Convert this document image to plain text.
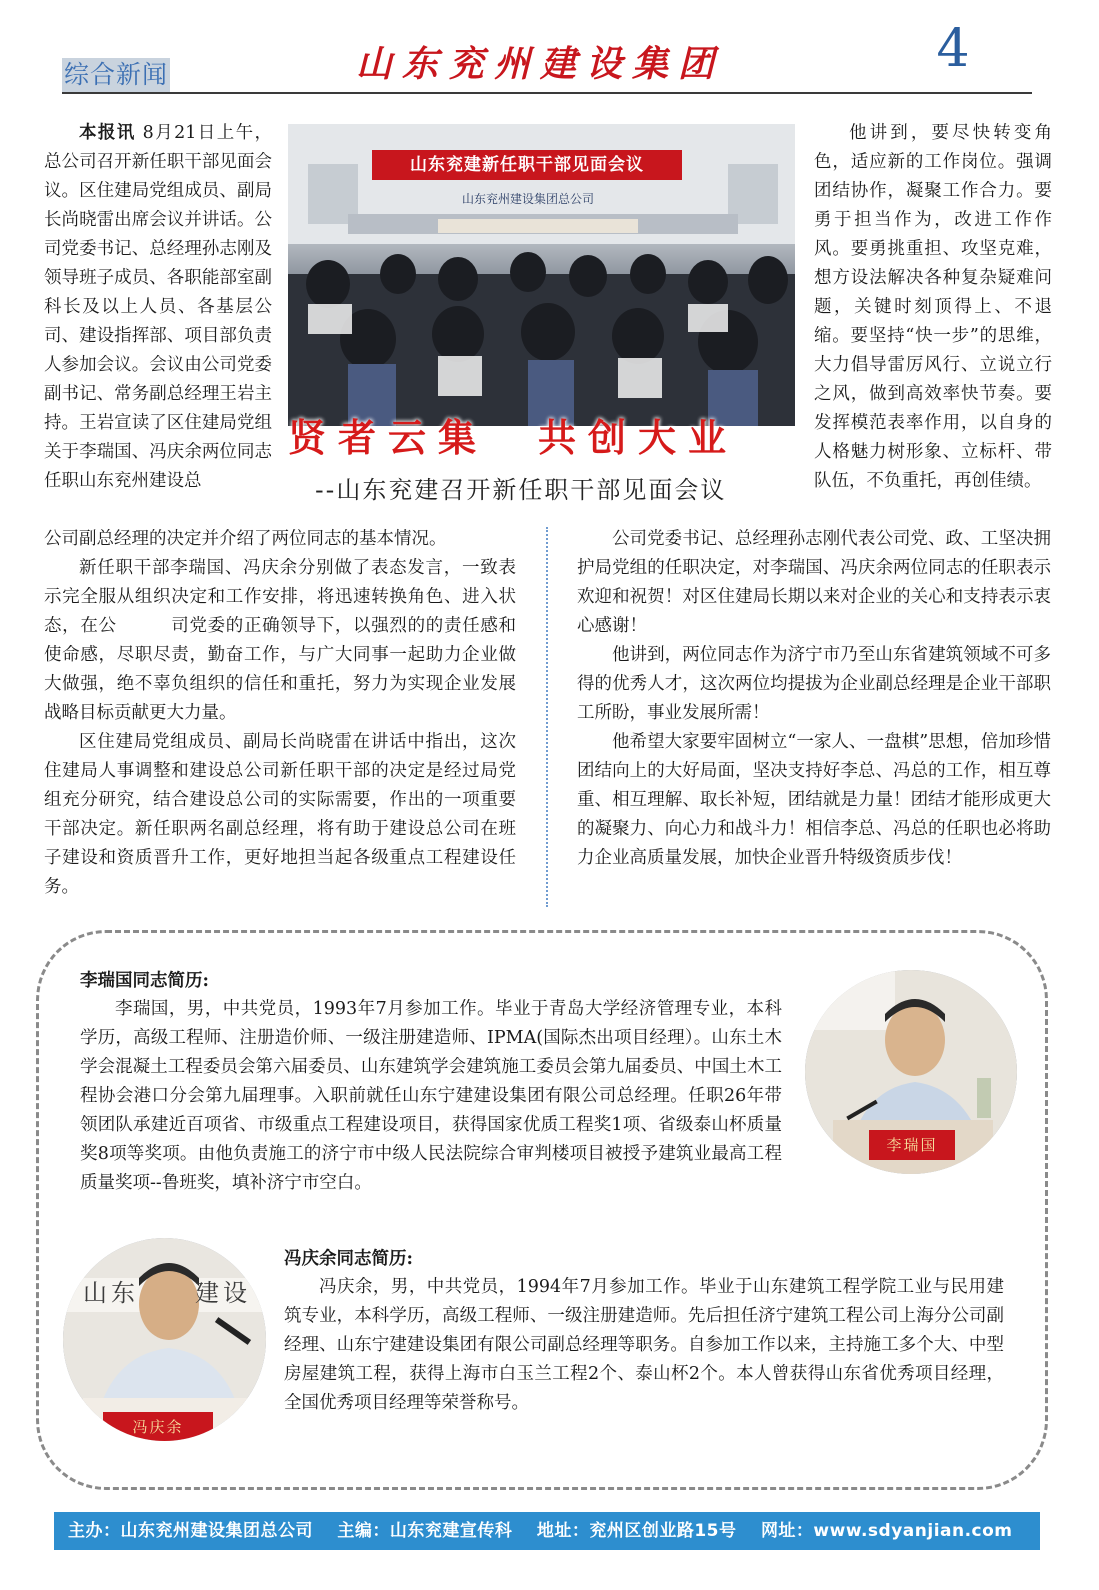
综合新闻	山东兖州建设集团	4
山东兖建新任职干部见面会议
山东兖州建设集团总公司
贤者云集　共创大业
--山东兖建召开新任职干部见面会议

本报讯 8月21日上午，总公司召开新任职干部见面会议。区住建局党组成员、副局长尚晓雷出席会议并讲话。公司党委书记、总经理孙志刚及领导班子成员、各职能部室副科长及以上人员、各基层公司、建设指挥部、项目部负责人参加会议。会议由公司党委副书记、常务副总经理王岩主持。王岩宣读了区住建局党组关于李瑞国、冯庆余两位同志任职山东兖州建设总

他讲到，要尽快转变角色，适应新的工作岗位。强调团结协作，凝聚工作合力。要勇于担当作为，改进工作作风。要勇挑重担、攻坚克难，想方设法解决各种复杂疑难问题，关键时刻顶得上、不退缩。要坚持“快一步”的思维，大力倡导雷厉风行、立说立行之风，做到高效率快节奏。要发挥模范表率作用，以自身的人格魅力树形象、立标杆、带队伍，不负重托，再创佳绩。

公司副总经理的决定并介绍了两位同志的基本情况。

新任职干部李瑞国、冯庆余分别做了表态发言，一致表示完全服从组织决定和工作安排，将迅速转换角色、进入状态，在公　　　司党委的正确领导下，以强烈的的责任感和使命感，尽职尽责，勤奋工作，与广大同事一起助力企业做大做强，绝不辜负组织的信任和重托，努力为实现企业发展战略目标贡献更大力量。

区住建局党组成员、副局长尚晓雷在讲话中指出，这次住建局人事调整和建设总公司新任职干部的决定是经过局党组充分研究，结合建设总公司的实际需要，作出的一项重要干部决定。新任职两名副总经理，将有助于建设总公司在班子建设和资质晋升工作，更好地担当起各级重点工程建设任务。

公司党委书记、总经理孙志刚代表公司党、政、工坚决拥护局党组的任职决定，对李瑞国、冯庆余两位同志的任职表示欢迎和祝贺！对区住建局长期以来对企业的关心和支持表示衷心感谢！

他讲到，两位同志作为济宁市乃至山东省建筑领域不可多得的优秀人才，这次两位均提拔为企业副总经理是企业干部职工所盼，事业发展所需！

他希望大家要牢固树立“一家人、一盘棋”思想，倍加珍惜团结向上的大好局面，坚决支持好李总、冯总的工作，相互尊重、相互理解、取长补短，团结就是力量！团结才能形成更大的凝聚力、向心力和战斗力！相信李总、冯总的任职也必将助力企业高质量发展，加快企业晋升特级资质步伐！

李瑞国同志简历:

李瑞国，男，中共党员，1993年7月参加工作。毕业于青岛大学经济管理专业，本科学历，高级工程师、注册造价师、一级注册建造师、IPMA(国际杰出项目经理）。山东土木学会混凝土工程委员会第六届委员、山东建筑学会建筑施工委员会第九届委员、中国土木工程协会港口分会第九届理事。入职前就任山东宁建建设集团有限公司总经理。任职26年带领团队承建近百项省、市级重点工程建设项目，获得国家优质工程奖1项、省级泰山杯质量奖8项等奖项。由他负责施工的济宁市中级人民法院综合审判楼项目被授予建筑业最高工程质量奖项--鲁班奖，填补济宁市空白。

李瑞国
山东　　建设
冯庆余
冯庆余同志简历:

冯庆余，男，中共党员，1994年7月参加工作。毕业于山东建筑工程学院工业与民用建筑专业，本科学历，高级工程师、一级注册建造师。先后担任济宁建筑工程公司上海分公司副经理、山东宁建建设集团有限公司副总经理等职务。自参加工作以来，主持施工多个大、中型房屋建筑工程，获得上海市白玉兰工程2个、泰山杯2个。本人曾获得山东省优秀项目经理，全国优秀项目经理等荣誉称号。

主办：山东兖州建设集团总公司 主编：山东兖建宣传科 地址：兖州区创业路15号 网址：www.sdyanjian.com
